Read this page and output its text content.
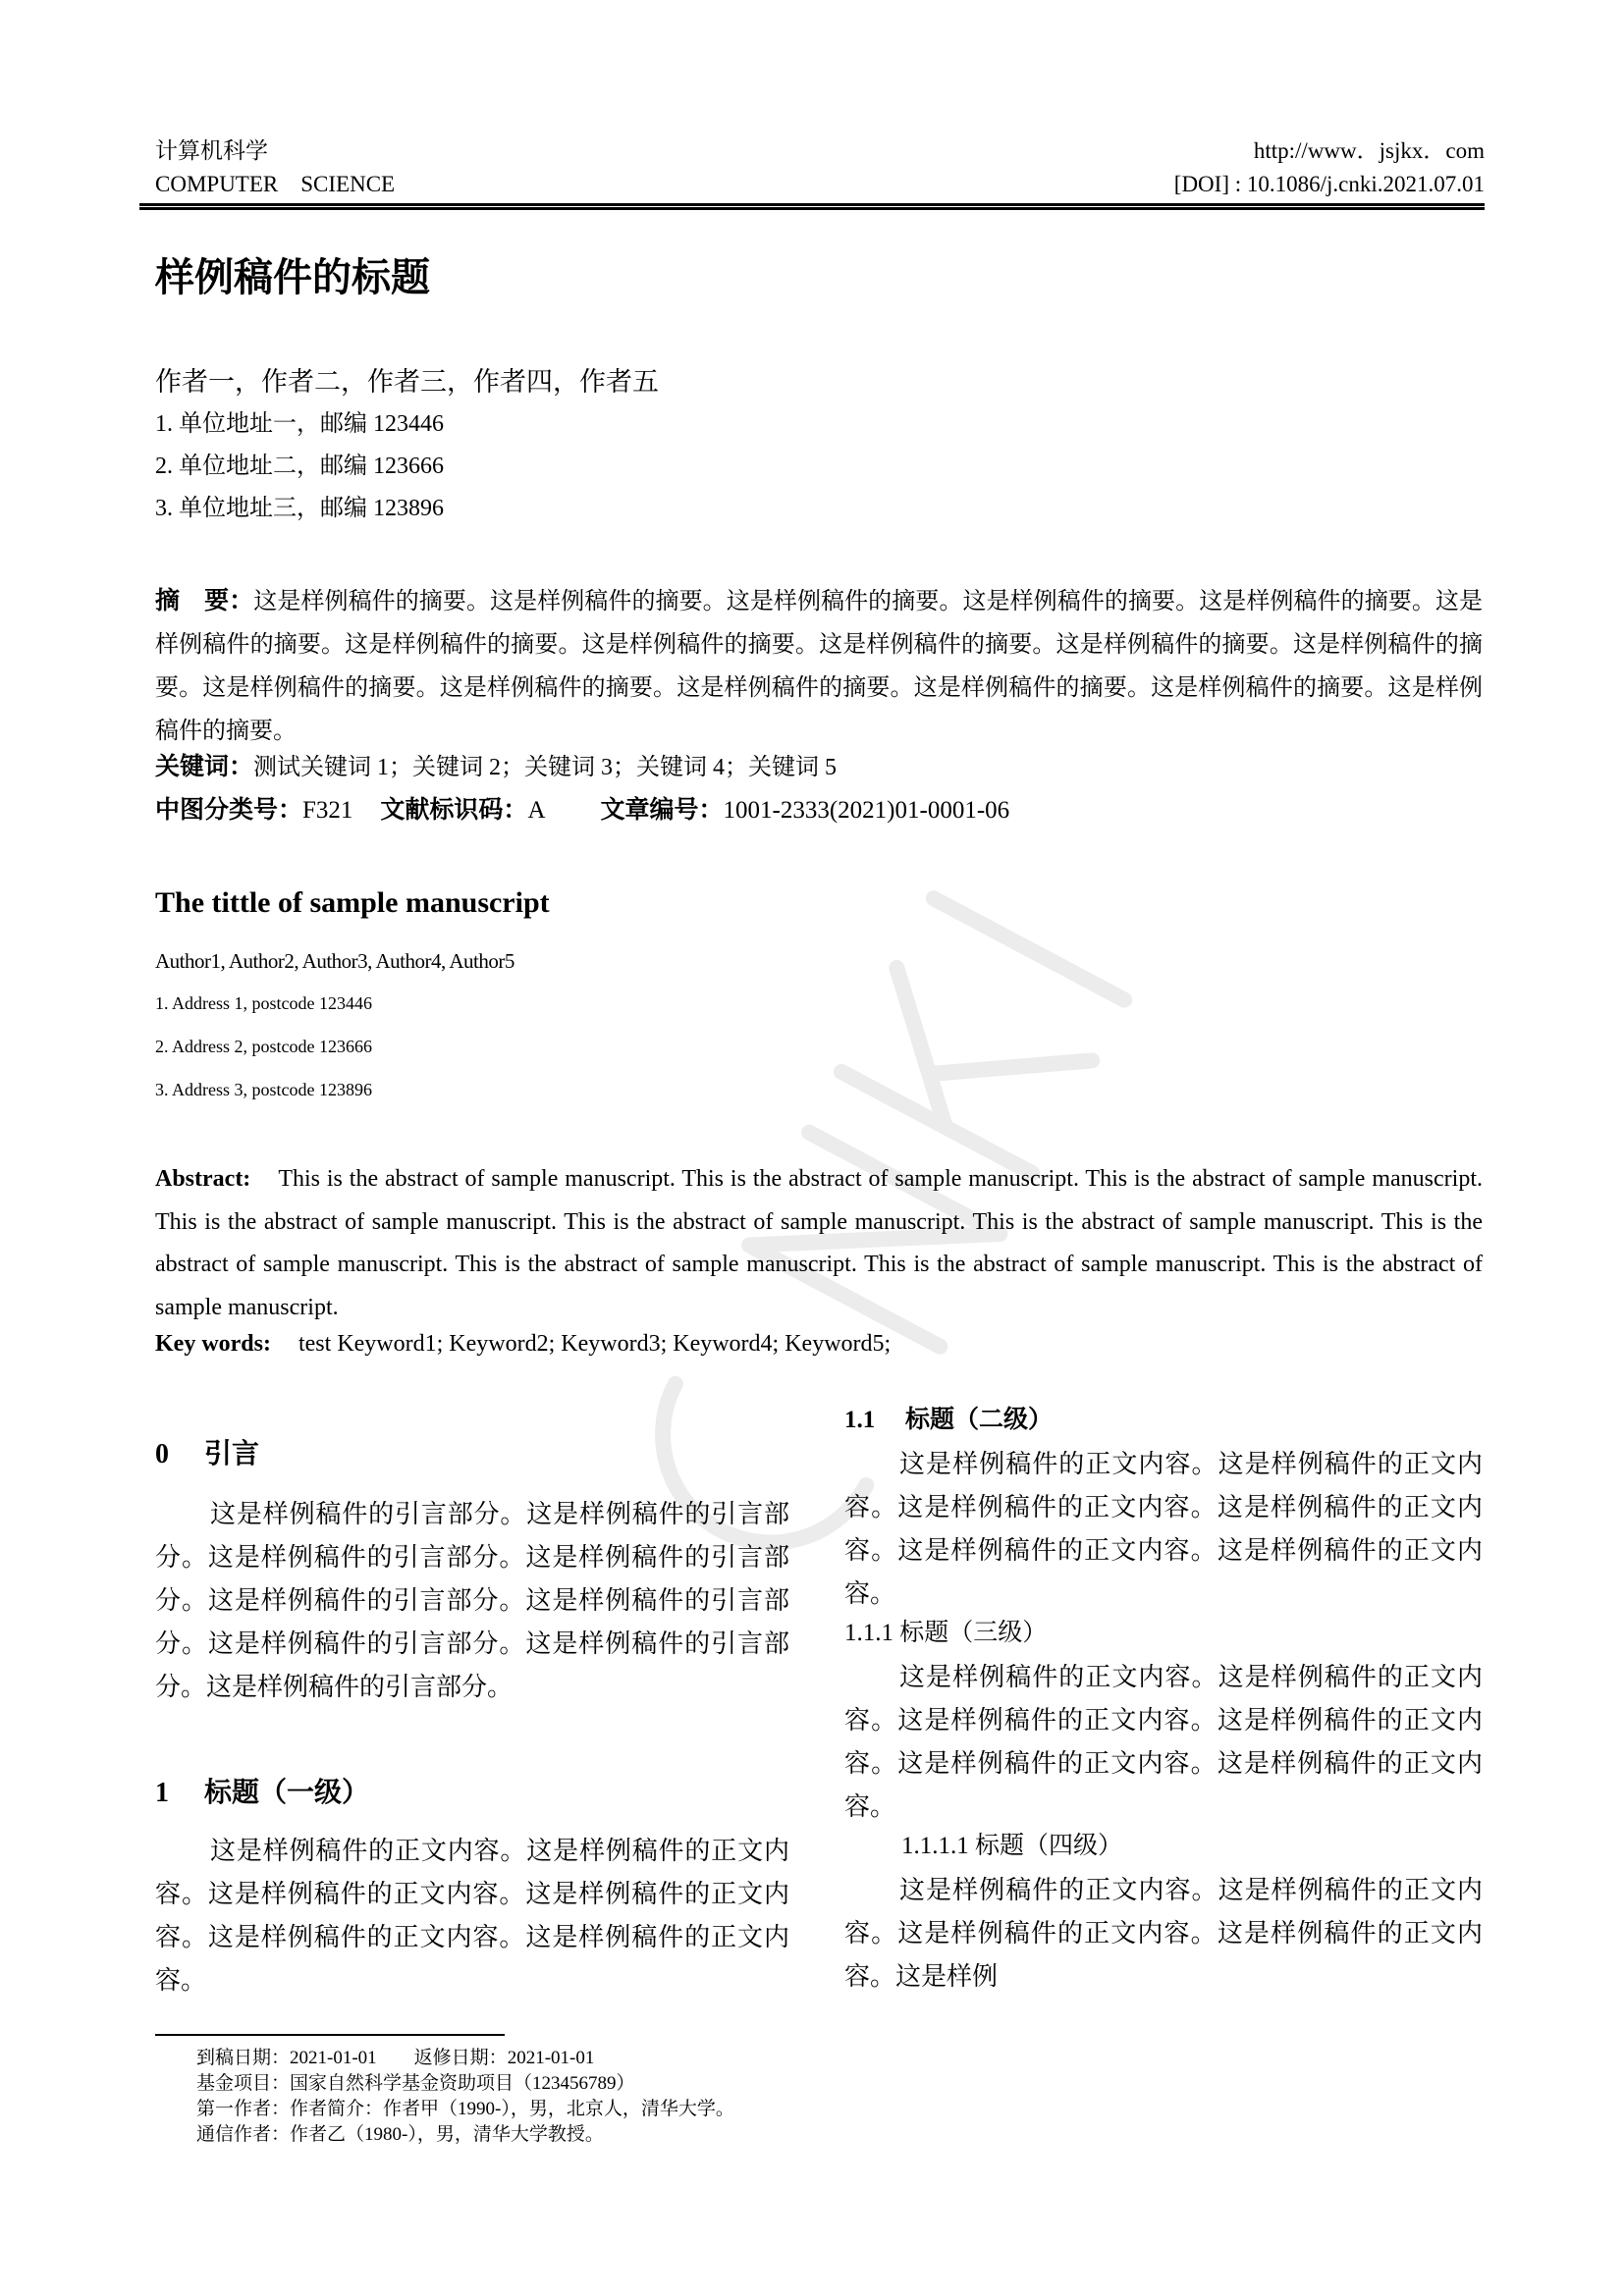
计算机科学
COMPUTER　SCIENCE
http://www．jsjkx．com
[DOI] : 10.1086/j.cnki.2021.07.01
样例稿件的标题
作者一，作者二，作者三，作者四，作者五
1. 单位地址一，邮编 123446
2. 单位地址二，邮编 123666
3. 单位地址三，邮编 123896
摘　要：这是样例稿件的摘要。这是样例稿件的摘要。这是样例稿件的摘要。这是样例稿件的摘要。这是样例稿件的摘要。这是样例稿件的摘要。这是样例稿件的摘要。这是样例稿件的摘要。这是样例稿件的摘要。这是样例稿件的摘要。这是样例稿件的摘要。这是样例稿件的摘要。这是样例稿件的摘要。这是样例稿件的摘要。这是样例稿件的摘要。这是样例稿件的摘要。这是样例稿件的摘要。
关键词：测试关键词 1；关键词 2；关键词 3；关键词 4；关键词 5
中图分类号：F321 文献标识码：A 文章编号：1001-2333(2021)01-0001-06
The tittle of sample manuscript
Author1, Author2, Author3, Author4, Author5
1. Address 1, postcode 123446
2. Address 2, postcode 123666
3. Address 3, postcode 123896
Abstract: This is the abstract of sample manuscript. This is the abstract of sample manuscript. This is the abstract of sample manuscript. This is the abstract of sample manuscript. This is the abstract of sample manuscript. This is the abstract of sample manuscript. This is the abstract of sample manuscript. This is the abstract of sample manuscript. This is the abstract of sample manuscript. This is the abstract of sample manuscript.
Key words: test Keyword1; Keyword2; Keyword3; Keyword4; Keyword5;
0 引言
这是样例稿件的引言部分。这是样例稿件的引言部分。这是样例稿件的引言部分。这是样例稿件的引言部分。这是样例稿件的引言部分。这是样例稿件的引言部分。这是样例稿件的引言部分。这是样例稿件的引言部分。这是样例稿件的引言部分。
1 标题（一级）
这是样例稿件的正文内容。这是样例稿件的正文内容。这是样例稿件的正文内容。这是样例稿件的正文内容。这是样例稿件的正文内容。这是样例稿件的正文内容。
1.1 标题（二级）
这是样例稿件的正文内容。这是样例稿件的正文内容。这是样例稿件的正文内容。这是样例稿件的正文内容。这是样例稿件的正文内容。这是样例稿件的正文内容。
1.1.1 标题（三级）
这是样例稿件的正文内容。这是样例稿件的正文内容。这是样例稿件的正文内容。这是样例稿件的正文内容。这是样例稿件的正文内容。这是样例稿件的正文内容。
1.1.1.1 标题（四级）
这是样例稿件的正文内容。这是样例稿件的正文内容。这是样例稿件的正文内容。这是样例稿件的正文内容。这是样例
到稿日期：2021-01-01 返修日期：2021-01-01
基金项目：国家自然科学基金资助项目（123456789）
第一作者：作者简介：作者甲（1990-），男，北京人，清华大学。
通信作者：作者乙（1980-），男，清华大学教授。
